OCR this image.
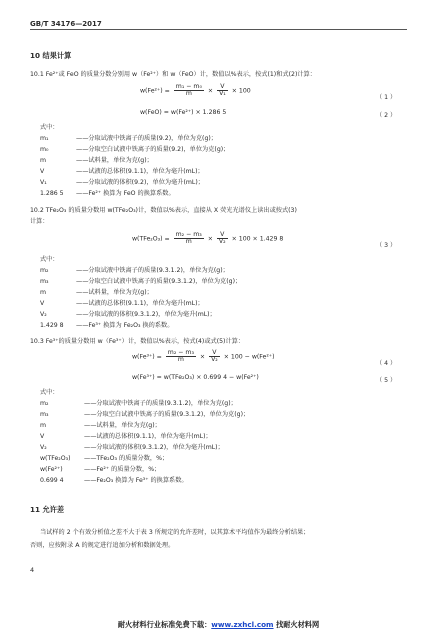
GB/T 34176—2017
10 结果计算
10.1 Fe²⁺或 FeO 的质量分数分别用 w（Fe²⁺）和 w（FeO）计，数值以%表示，按式(1)和式(2)计算：
$w(Fe^{2+}) = \frac{\text{m₁ − m₀}}{m} \times \frac{V}{\text{V₁}} \times 100$
（ 1 ）
w(FeO) = w(Fe²⁺) × 1.286 5	（ 2 ）
式中：
m₁	——分取试液中铁离子的质量(9.2)，单位为克(g)；
m₀	——分取空白试液中铁离子的质量(9.2)，单位为克(g)；
m	——试料量，单位为克(g)；
V	——试液的总体积(9.1.1)，单位为毫升(mL)；
V₁	——分取试液的体积(9.2)，单位为毫升(mL)；
1.286 5 ——Fe²⁺ 换算为 FeO 的换算系数。
10.2 TFe₂O₃ 的质量分数用 w(TFe₂O₃)计，数值以%表示，直接从 X 荧光光谱仪上读出或按式(3)
计算：
$w(TFe_2O_3) = \frac{\text{m₂ − m₃}}{m} \times \frac{V}{\text{V₂}} \times 100 \times 1.429$ 8
（ 3 ）
式中：
m₂	——分取试液中铁离子的质量(9.3.1.2)，单位为克(g)；
m₃	——分取空白试液中铁离子的质量(9.3.1.2)，单位为克(g)；
m	——试料量，单位为克(g)；
V	——试液的总体积(9.1.1)，单位为毫升(mL)；
V₂	——分取试液的体积(9.3.1.2)，单位为毫升(mL)；
1.429 8 ——Fe³⁺ 换算为 Fe₂O₃ 换的系数。
10.3 Fe³⁺的质量分数用 w（Fe³⁺）计，数值以%表示，按式(4)或式(5)计算：
$w(Fe^{3+}) = \frac{\text{m₂ − m₃}}{m} \times \frac{V}{\text{V₂}} \times 100 - w(Fe^{2+})$
（ 4 ）
w(Fe³⁺) = w(TFe₂O₃) × 0.699 4 − w(Fe²⁺)	（ 5 ）
式中：
m₂	——分取试液中铁离子的质量(9.3.1.2)，单位为克(g)；
m₃	——分取空白试液中铁离子的质量(9.3.1.2)，单位为克(g)；
m	——试料量，单位为克(g)；
V	——试液的总体积(9.1.1)，单位为毫升(mL)；
V₂	——分取试液的体积(9.3.1.2)，单位为毫升(mL)；
w(TFe₂O₃) ——TFe₂O₃ 的质量分数，%；
w(Fe²⁺)	——Fe²⁺ 的质量分数，%；
0.699 4	——Fe₂O₃ 换算为 Fe³⁺ 的换算系数。
11 允许差
当试样的 2 个有效分析值之差不大于表 3 所规定的允许差时，以其算术平均值作为最终分析结果；
否则，应按附录 A 的规定进行追加分析和数据处理。
4
耐火材料行业标准免费下载：www.zxhcl.com 找耐火材料网
